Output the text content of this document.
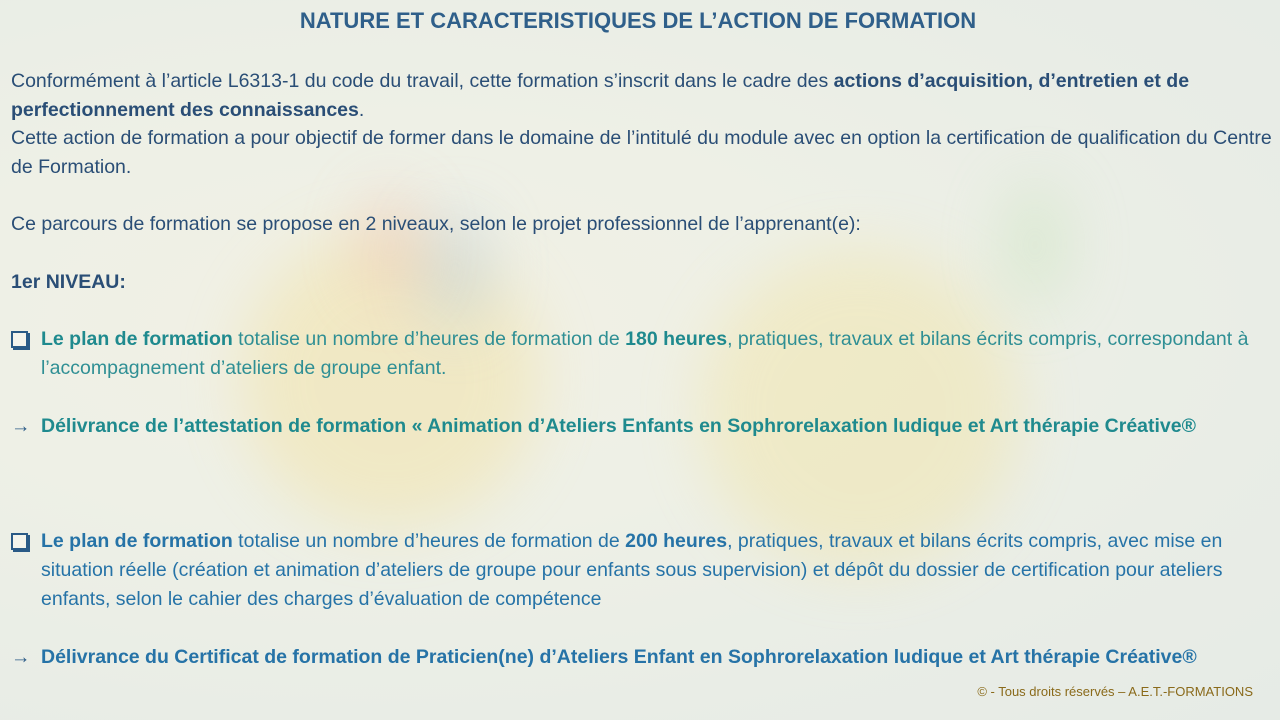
NATURE ET CARACTERISTIQUES DE L’ACTION DE FORMATION
Conformément à l’article L6313-1 du code du travail, cette formation s’inscrit dans le cadre des actions d’acquisition, d’entretien et de perfectionnement des connaissances.
Cette action de formation a pour objectif de former dans le domaine de l’intitulé du module avec en option la certification de qualification du Centre de Formation.
Ce parcours de formation se propose en 2 niveaux, selon le projet professionnel de l’apprenant(e):
1er NIVEAU:
Le plan de formation totalise un nombre d’heures de formation de 180 heures, pratiques, travaux et bilans écrits compris, correspondant à l’accompagnement d’ateliers de groupe enfant.
→ Délivrance de l’attestation de formation « Animation d’Ateliers Enfants en Sophrorelaxation ludique et Art thérapie Créative®
Le plan de formation totalise un nombre d’heures de formation de 200 heures, pratiques, travaux et bilans écrits compris, avec mise en situation réelle (création et animation d’ateliers de groupe pour enfants sous supervision) et dépôt du dossier de certification pour ateliers enfants, selon le cahier des charges d’évaluation de compétence
→ Délivrance du Certificat de formation de Praticien(ne) d’Ateliers Enfant en Sophrorelaxation ludique et Art thérapie Créative®
© - Tous droits réservés – A.E.T.-FORMATIONS
